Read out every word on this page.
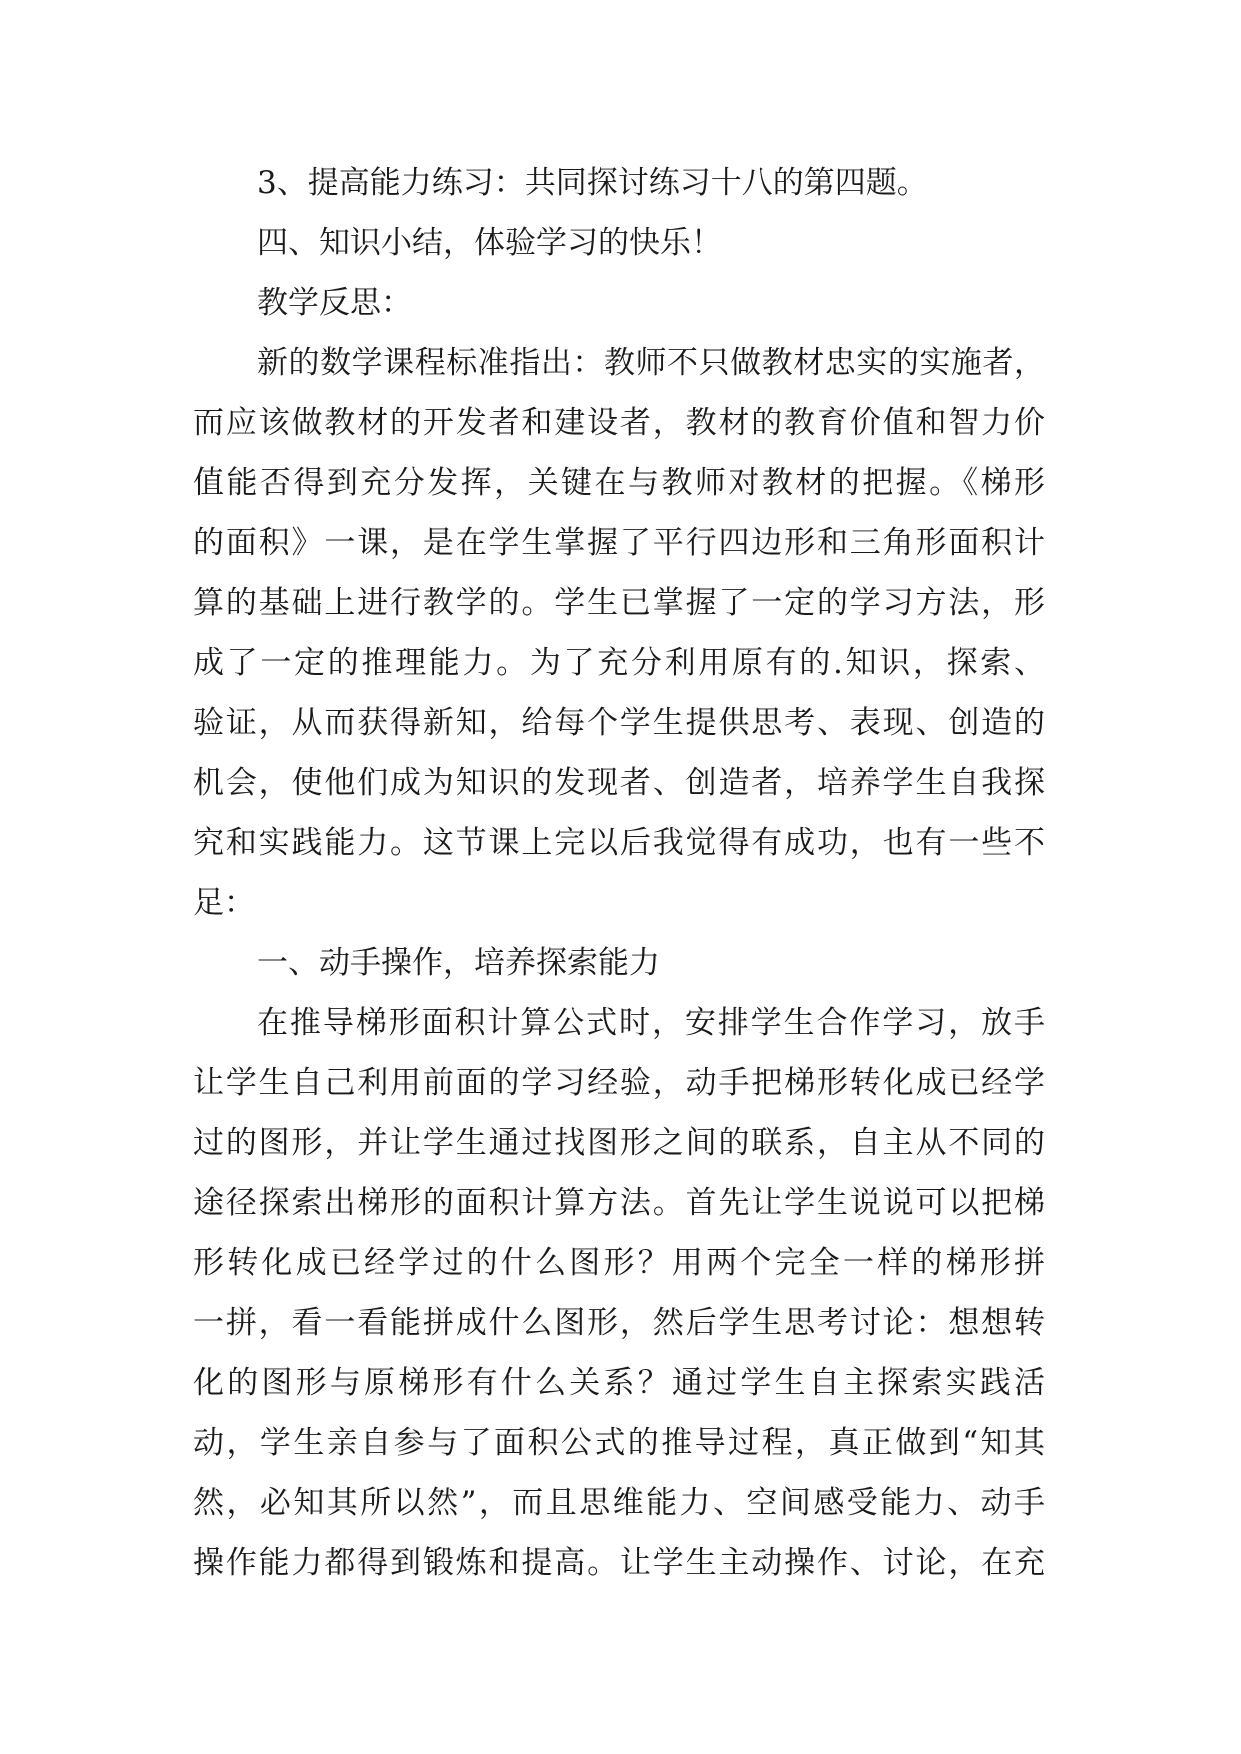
3、提高能力练习：共同探讨练习十八的第四题。
四、知识小结，体验学习的快乐！
教学反思：
新的数学课程标准指出：教师不只做教材忠实的实施者，
而应该做教材的开发者和建设者，教材的教育价值和智力价
值能否得到充分发挥，关键在与教师对教材的把握。《梯形
的面积》一课，是在学生掌握了平行四边形和三角形面积计
算的基础上进行教学的。学生已掌握了一定的学习方法，形
成了一定的推理能力。为了充分利用原有的.知识，探索、
验证，从而获得新知，给每个学生提供思考、表现、创造的
机会，使他们成为知识的发现者、创造者，培养学生自我探
究和实践能力。这节课上完以后我觉得有成功，也有一些不
足：
一、动手操作，培养探索能力
在推导梯形面积计算公式时，安排学生合作学习，放手
让学生自己利用前面的学习经验，动手把梯形转化成已经学
过的图形，并让学生通过找图形之间的联系，自主从不同的
途径探索出梯形的面积计算方法。首先让学生说说可以把梯
形转化成已经学过的什么图形？用两个完全一样的梯形拼
一拼，看一看能拼成什么图形，然后学生思考讨论：想想转
化的图形与原梯形有什么关系？通过学生自主探索实践活
动，学生亲自参与了面积公式的推导过程，真正做到“知其
然，必知其所以然”，而且思维能力、空间感受能力、动手
操作能力都得到锻炼和提高。让学生主动操作、讨论，在充
